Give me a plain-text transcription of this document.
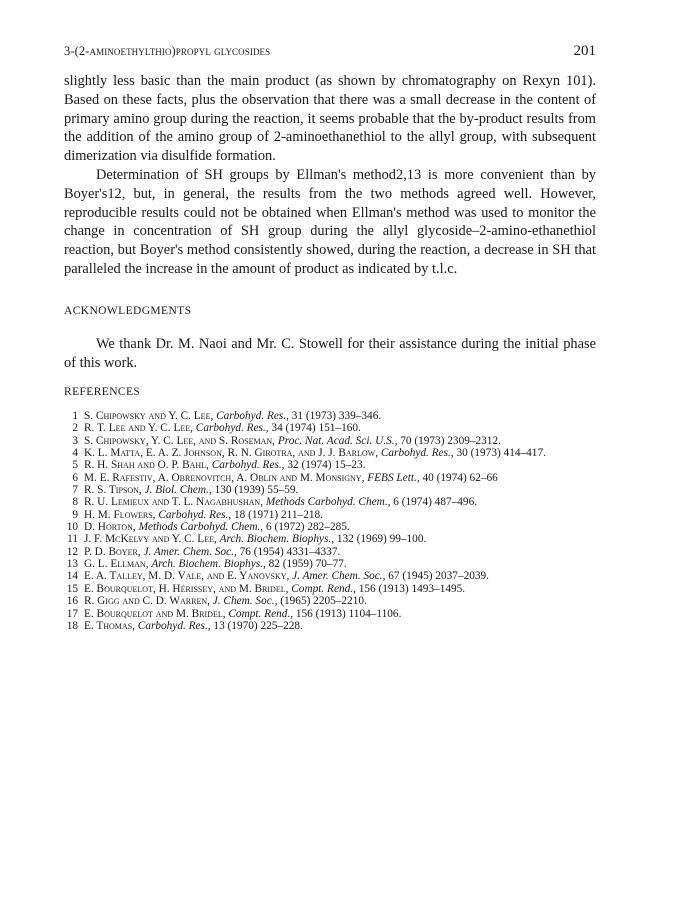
3-(2-aminoethylthio)propyl glycosides	201

slightly less basic than the main product (as shown by chromatography on Rexyn 101). Based on these facts, plus the observation that there was a small decrease in the content of primary amino group during the reaction, it seems probable that the by-product results from the addition of the amino group of 2-aminoethanethiol to the allyl group, with subsequent dimerization via disulfide formation.

Determination of SH groups by Ellman's method2,13 is more convenient than by Boyer's12, but, in general, the results from the two methods agreed well. However, reproducible results could not be obtained when Ellman's method was used to monitor the change in concentration of SH group during the allyl glycoside–2-amino-ethanethiol reaction, but Boyer's method consistently showed, during the reaction, a decrease in SH that paralleled the increase in the amount of product as indicated by t.l.c.

ACKNOWLEDGMENTS

We thank Dr. M. Naoi and Mr. C. Stowell for their assistance during the initial phase of this work.

REFERENCES
1 S. Chipowsky and Y. C. Lee, Carbohyd. Res., 31 (1973) 339–346.
2 R. T. Lee and Y. C. Lee, Carbohyd. Res., 34 (1974) 151–160.
3 S. Chipowsky, Y. C. Lee, and S. Roseman, Proc. Nat. Acad. Sci. U.S., 70 (1973) 2309–2312.
4 K. L. Matta, E. A. Z. Johnson, R. N. Girotra, and J. J. Barlow, Carbohyd. Res., 30 (1973) 414–417.
5 R. H. Shah and O. P. Bahl, Carbohyd. Res., 32 (1974) 15–23.
6 M. E. Rafestiv, A. Obrenovitch, A. Oblin and M. Monsigny, FEBS Lett., 40 (1974) 62–66
7 R. S. Tipson, J. Biol. Chem., 130 (1939) 55–59.
8 R. U. Lemieux and T. L. Nagabhushan, Methods Carbohyd. Chem., 6 (1974) 487–496.
9 H. M. Flowers, Carbohyd. Res., 18 (1971) 211–218.
10 D. Horton, Methods Carbohyd. Chem., 6 (1972) 282–285.
11 J. F. McKelvy and Y. C. Lee, Arch. Biochem. Biophys., 132 (1969) 99–100.
12 P. D. Boyer, J. Amer. Chem. Soc., 76 (1954) 4331–4337.
13 G. L. Ellman, Arch. Biochem. Biophys., 82 (1959) 70–77.
14 E. A. Talley, M. D. Vale, and E. Yanovsky, J. Amer. Chem. Soc., 67 (1945) 2037–2039.
15 E. Bourquelot, H. Hérissey, and M. Bridel, Compt. Rend., 156 (1913) 1493–1495.
16 R. Gigg and C. D. Warren, J. Chem. Soc., (1965) 2205–2210.
17 E. Bourquelot and M. Bridel, Compt. Rend., 156 (1913) 1104–1106.
18 E. Thomas, Carbohyd. Res., 13 (1970) 225–228.
